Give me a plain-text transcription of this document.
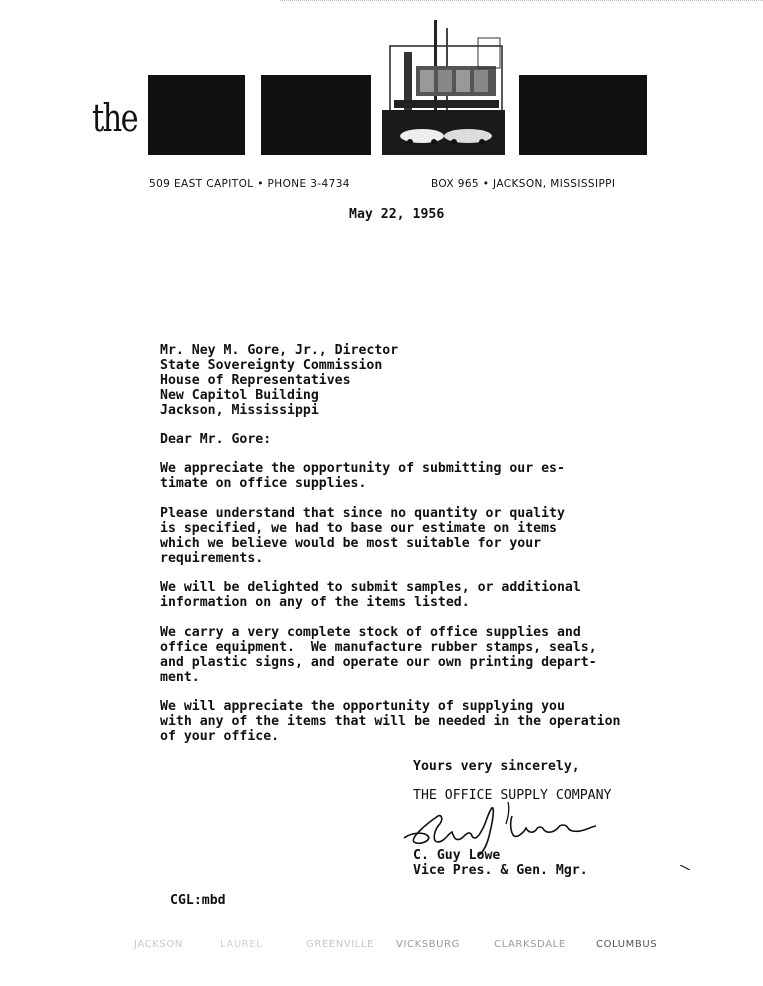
the
509 EAST CAPITOL • PHONE 3-4734	BOX 965 • JACKSON, MISSISSIPPI
May 22, 1956
Mr. Ney M. Gore, Jr., Director
State Sovereignty Commission
House of Representatives
New Capitol Building
Jackson, Mississippi
Dear Mr. Gore:
We appreciate the opportunity of submitting our es-
timate on office supplies.
Please understand that since no quantity or quality
is specified, we had to base our estimate on items
which we believe would be most suitable for your
requirements.
We will be delighted to submit samples, or additional
information on any of the items listed.
We carry a very complete stock of office supplies and
office equipment.  We manufacture rubber stamps, seals,
and plastic signs, and operate our own printing depart-
ment.
We will appreciate the opportunity of supplying you
with any of the items that will be needed in the operation
of your office.
Yours very sincerely,
THE OFFICE SUPPLY COMPANY
C. Guy Lowe
Vice Pres. & Gen. Mgr.
CGL:mbd
JACKSON	LAUREL	GREENVILLE VICKSBURG	CLARKSDALE	COLUMBUS
